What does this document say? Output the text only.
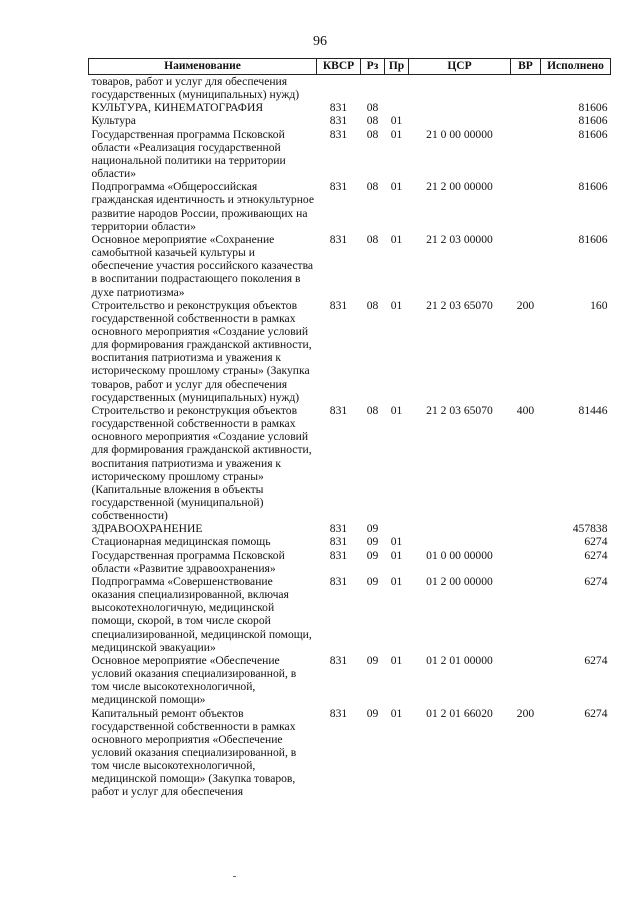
96
Наименование	КВСР	Рз	Пр	ЦСР	ВР	Исполнено
товаров, работ и услуг для обеспечения государственных (муниципальных) нужд)						
КУЛЬТУРА, КИНЕМАТОГРАФИЯ	831	08				81606
Культура	831	08	01			81606
Государственная программа Псковской области «Реализация государственной национальной политики на территории области»	831	08	01	21 0 00 00000		81606
Подпрограмма «Общероссийская гражданская идентичность и этнокультурное развитие народов России, проживающих на территории области»	831	08	01	21 2 00 00000		81606
Основное мероприятие «Сохранение самобытной казачьей культуры и обеспечение участия российского казачества в воспитании подрастающего поколения в духе патриотизма»	831	08	01	21 2 03 00000		81606
Строительство и реконструкция объектов государственной собственности в рамках основного мероприятия «Создание условий для формирования гражданской активности, воспитания патриотизма и уважения к историческому прошлому страны» (Закупка товаров, работ и услуг для обеспечения государственных (муниципальных) нужд)	831	08	01	21 2 03 65070	200	160
Строительство и реконструкция объектов государственной собственности в рамках основного мероприятия «Создание условий для формирования гражданской активности, воспитания патриотизма и уважения к историческому прошлому страны» (Капитальные вложения в объекты государственной (муниципальной) собственности)	831	08	01	21 2 03 65070	400	81446
ЗДРАВООХРАНЕНИЕ	831	09				457838
Стационарная медицинская помощь	831	09	01			6274
Государственная программа Псковской области «Развитие здравоохранения»	831	09	01	01 0 00 00000		6274
Подпрограмма «Совершенствование оказания специализированной, включая высокотехнологичную, медицинской помощи, скорой, в том числе скорой специализированной, медицинской помощи, медицинской эвакуации»	831	09	01	01 2 00 00000		6274
Основное мероприятие «Обеспечение условий оказания специализированной, в том числе высокотехнологичной, медицинской помощи»	831	09	01	01 2 01 00000		6274
Капитальный ремонт объектов государственной собственности в рамках основного мероприятия «Обеспечение условий оказания специализированной, в том числе высокотехнологичной, медицинской помощи» (Закупка товаров, работ и услуг для обеспечения	831	09	01	01 2 01 66020	200	6274
